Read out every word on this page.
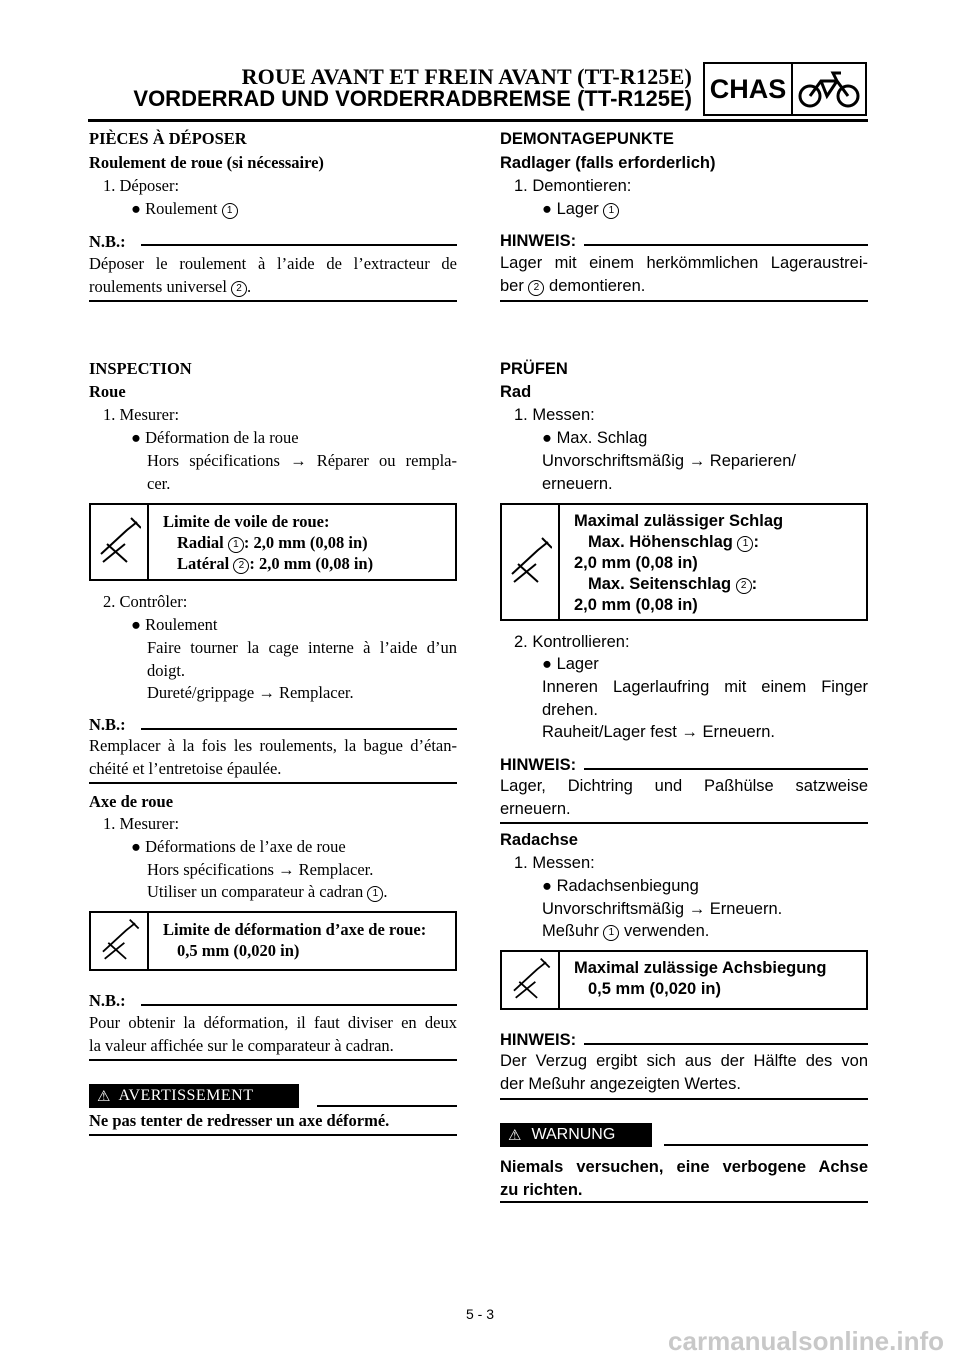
ROUE AVANT ET FREIN AVANT (TT-R125E)
VORDERRAD UND VORDERRADBREMSE (TT-R125E) CHAS
PIÈCES À DÉPOSER
Roulement de roue (si nécessaire)
1. Déposer:
● Roulement 1
N.B.:
Déposer le roulement à l’aide de l’extracteur de
roulements universel 2 .
INSPECTION
Roue
1. Mesurer:
● Déformation de la roue
Hors spécifications → Réparer ou rempla-
cer.
Limite de voile de roue:
Radial 1 : 2,0 mm (0,08 in)
Latéral 2 : 2,0 mm (0,08 in)
2. Contrôler:
● Roulement
Faire tourner la cage interne à l’aide d’un
doigt.
Dureté/grippage → Remplacer.
N.B.:
Remplacer à la fois les roulements, la bague d’étan-
chéité et l’entretoise épaulée.
Axe de roue
1. Mesurer:
● Déformations de l’axe de roue
Hors spécifications → Remplacer.
Utiliser un comparateur à cadran 1 .
Limite de déformation d’axe de roue:
0,5 mm (0,020 in)
N.B.:
Pour obtenir la déformation, il faut diviser en deux
la valeur affichée sur le comparateur à cadran.
⚠ AVERTISSEMENT
Ne pas tenter de redresser un axe déformé.
DEMONTAGEPUNKTE
Radlager (falls erforderlich)
1. Demontieren:
● Lager 1
HINWEIS:
Lager mit einem herkömmlichen Lageraustrei-
ber 2 demontieren.
PRÜFEN
Rad
1. Messen:
● Max. Schlag
Unvorschriftsmäßig → Reparieren/
erneuern.
Maximal zulässiger Schlag
Max. Höhenschlag 1 :
2,0 mm (0,08 in)
Max. Seitenschlag 2 :
2,0 mm (0,08 in)
2. Kontrollieren:
● Lager
Inneren Lagerlaufring mit einem Finger
drehen.
Rauheit/Lager fest → Erneuern.
HINWEIS:
Lager, Dichtring und Paßhülse satzweise
erneuern.
Radachse
1. Messen:
● Radachsenbiegung
Unvorschriftsmäßig → Erneuern.
Meßuhr 1 verwenden.
Maximal zulässige Achsbiegung
0,5 mm (0,020 in)
HINWEIS:
Der Verzug ergibt sich aus der Hälfte des von
der Meßuhr angezeigten Wertes.
⚠ WARNUNG
Niemals versuchen, eine verbogene Achse
zu richten.
5 - 3
carmanualsonline.info
